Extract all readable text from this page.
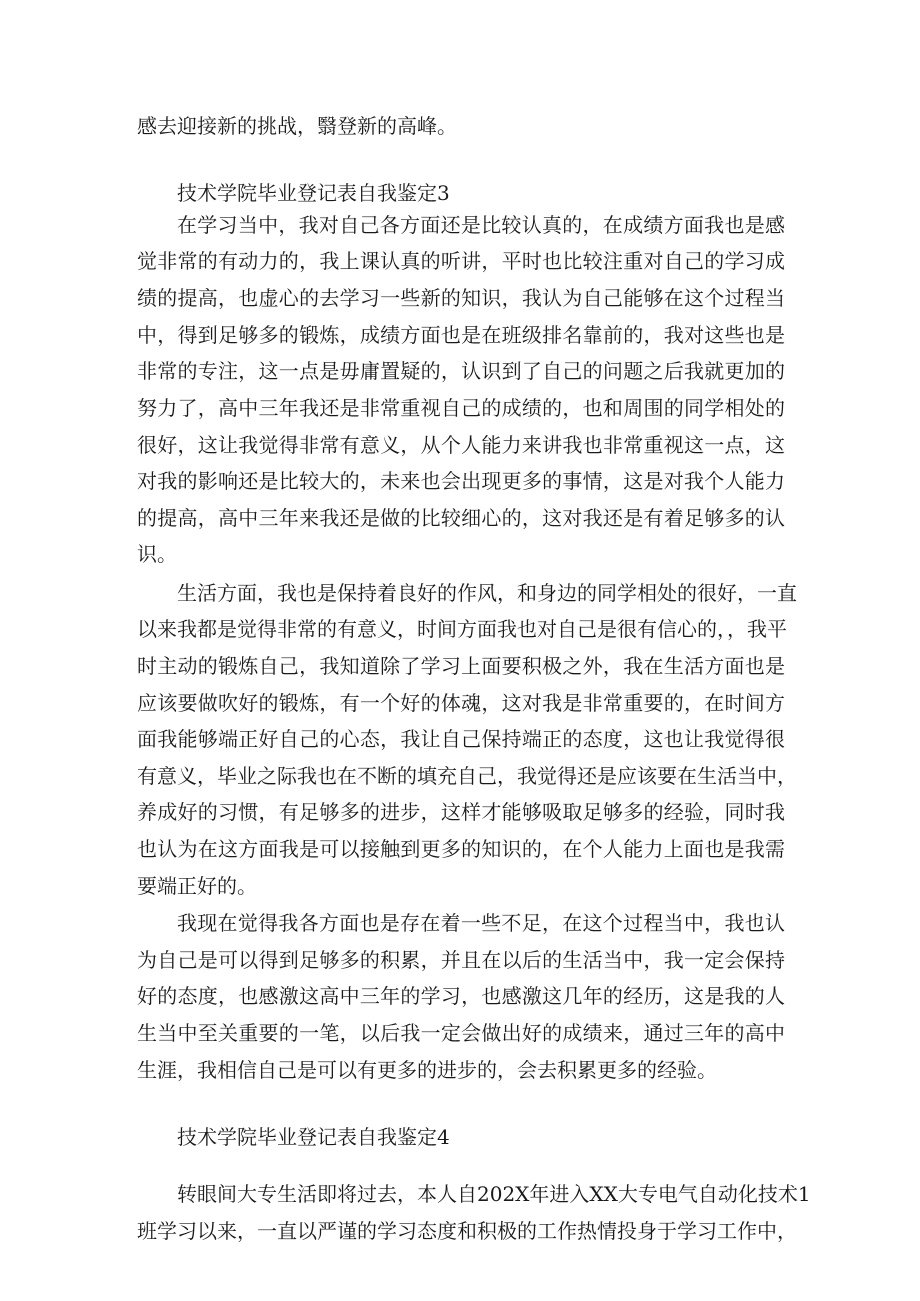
感去迎接新的挑战，翳登新的高峰。

技术学院毕业登记表自我鉴定3

在学习当中，我对自己各方面还是比较认真的，在成绩方面我也是感

觉非常的有动力的，我上课认真的听讲，平时也比较注重对自己的学习成

绩的提高，也虚心的去学习一些新的知识，我认为自己能够在这个过程当

中，得到足够多的锻炼，成绩方面也是在班级排名靠前的，我对这些也是

非常的专注，这一点是毋庸置疑的，认识到了自己的问题之后我就更加的

努力了，高中三年我还是非常重视自己的成绩的，也和周围的同学相处的

很好，这让我觉得非常有意义，从个人能力来讲我也非常重视这一点，这

对我的影响还是比较大的，未来也会出现更多的事情，这是对我个人能力

的提高，高中三年来我还是做的比较细心的，这对我还是有着足够多的认

识。

生活方面，我也是保持着良好的作风，和身边的同学相处的很好，一直

以来我都是觉得非常的有意义，时间方面我也对自己是很有信心的，，我平

时主动的锻炼自己，我知道除了学习上面要积极之外，我在生活方面也是

应该要做吹好的锻炼，有一个好的体魂，这对我是非常重要的，在时间方

面我能够端正好自己的心态，我让自己保持端正的态度，这也让我觉得很

有意义，毕业之际我也在不断的填充自己，我觉得还是应该要在生活当中，

养成好的习惯，有足够多的进步，这样才能够吸取足够多的经验，同时我

也认为在这方面我是可以接触到更多的知识的，在个人能力上面也是我需

要端正好的。

我现在觉得我各方面也是存在着一些不足，在这个过程当中，我也认

为自己是可以得到足够多的积累，并且在以后的生活当中，我一定会保持

好的态度，也感激这高中三年的学习，也感激这几年的经历，这是我的人

生当中至关重要的一笔，以后我一定会做出好的成绩来，通过三年的高中

生涯，我相信自己是可以有更多的进步的，会去积累更多的经验。

技术学院毕业登记表自我鉴定4

转眼间大专生活即将过去，本人自202X年进入XX大专电气自动化技术1

班学习以来，一直以严谨的学习态度和积极的工作热情投身于学习工作中，
